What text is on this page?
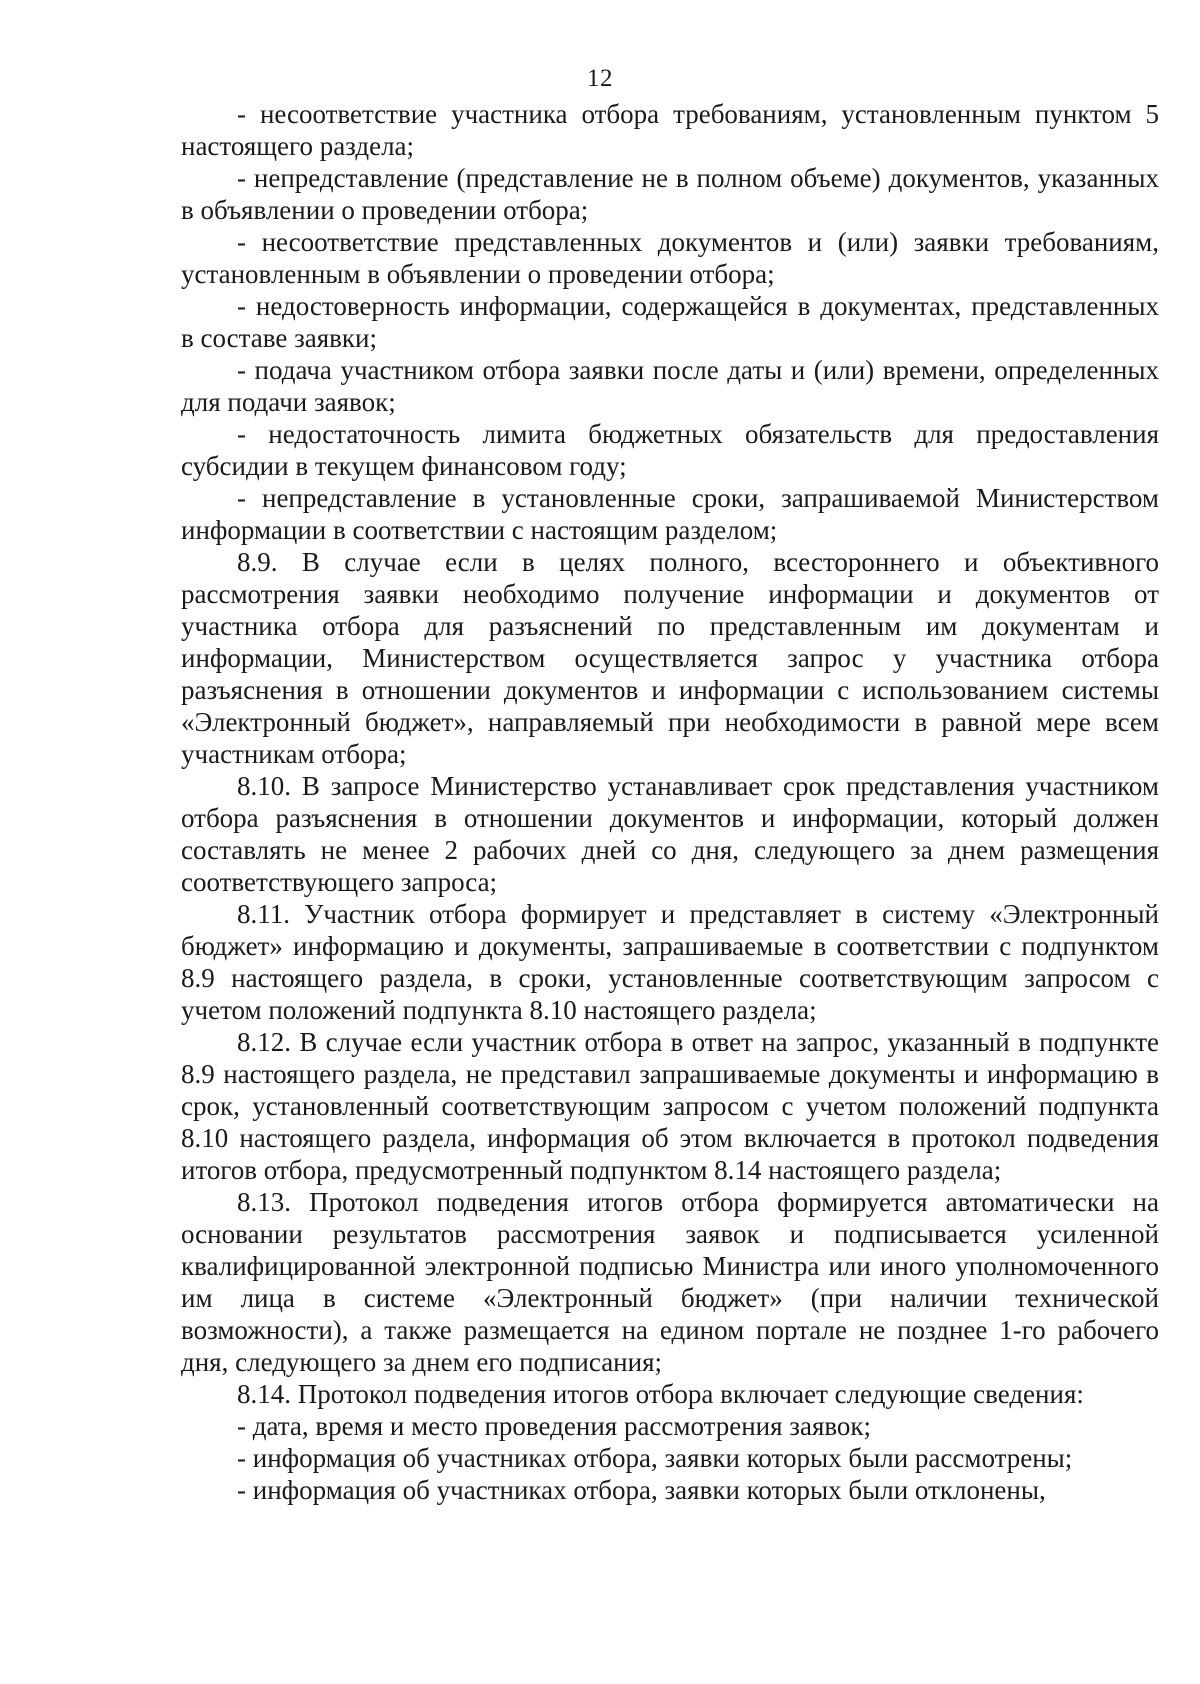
12

- несоответствие участника отбора требованиям, установленным пунктом 5 настоящего раздела;

- непредставление (представление не в полном объеме) документов, указанных в объявлении о проведении отбора;

- несоответствие представленных документов и (или) заявки требованиям, установленным в объявлении о проведении отбора;

- недостоверность информации, содержащейся в документах, представленных в составе заявки;

- подача участником отбора заявки после даты и (или) времени, определенных для подачи заявок;

- недостаточность лимита бюджетных обязательств для предоставления субсидии в текущем финансовом году;

- непредставление в установленные сроки, запрашиваемой Министерством информации в соответствии с настоящим разделом;

8.9. В случае если в целях полного, всестороннего и объективного рассмотрения заявки необходимо получение информации и документов от участника отбора для разъяснений по представленным им документам и информации, Министерством осуществляется запрос у участника отбора разъяснения в отношении документов и информации с использованием системы «Электронный бюджет», направляемый при необходимости в равной мере всем участникам отбора;

8.10. В запросе Министерство устанавливает срок представления участником отбора разъяснения в отношении документов и информации, который должен составлять не менее 2 рабочих дней со дня, следующего за днем размещения соответствующего запроса;

8.11. Участник отбора формирует и представляет в систему «Электронный бюджет» информацию и документы, запрашиваемые в соответствии с подпунктом 8.9 настоящего раздела, в сроки, установленные соответствующим запросом с учетом положений подпункта 8.10 настоящего раздела;

8.12. В случае если участник отбора в ответ на запрос, указанный в подпункте 8.9 настоящего раздела, не представил запрашиваемые документы и информацию в срок, установленный соответствующим запросом с учетом положений подпункта 8.10 настоящего раздела, информация об этом включается в протокол подведения итогов отбора, предусмотренный подпунктом 8.14 настоящего раздела;

8.13. Протокол подведения итогов отбора формируется автоматически на основании результатов рассмотрения заявок и подписывается усиленной квалифицированной электронной подписью Министра или иного уполномоченного им лица в системе «Электронный бюджет» (при наличии технической возможности), а также размещается на едином портале не позднее 1-го рабочего дня, следующего за днем его подписания;

8.14. Протокол подведения итогов отбора включает следующие сведения:

- дата, время и место проведения рассмотрения заявок;

- информация об участниках отбора, заявки которых были рассмотрены;

- информация об участниках отбора, заявки которых были отклонены,
